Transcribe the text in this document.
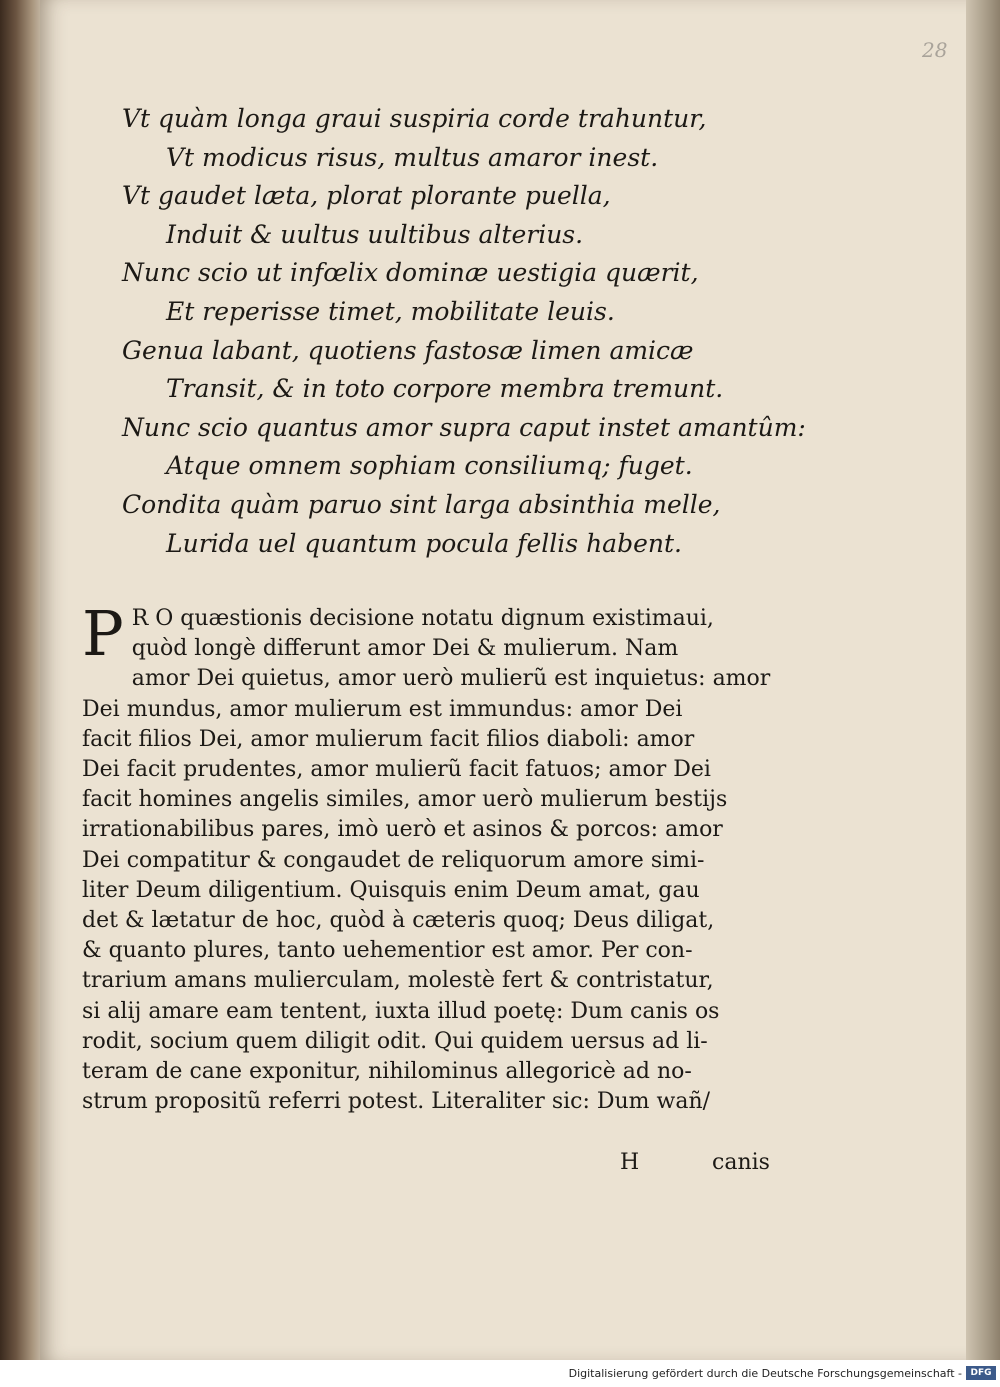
28
Vt quàm longa graui suspiria corde trahuntur,
Vt modicus risus, multus amaror inest.
Vt gaudet læta, plorat plorante puella,
Induit & uultus uultibus alterius.
Nunc scio ut infœlix dominæ uestigia quærit,
Et reperisse timet, mobilitate leuis.
Genua labant, quotiens fastosæ limen amicæ
Transit, & in toto corpore membra tremunt.
Nunc scio quantus amor supra caput instet amantûm:
Atque omnem sophiam consiliumq; fuget.
Condita quàm paruo sint larga absinthia melle,
Lurida uel quantum pocula fellis habent.
P R O quæstionis decisione notatu dignum existimaui,
quòd longè differunt amor Dei & mulierum. Nam
amor Dei quietus, amor uerò mulierũ est inquietus: amor
Dei mundus, amor mulierum est immundus: amor Dei
facit filios Dei, amor mulierum facit filios diaboli: amor
Dei facit prudentes, amor mulierũ facit fatuos; amor Dei
facit homines angelis similes, amor uerò mulierum bestijs
irrationabilibus pares, imò uerò et asinos & porcos: amor
Dei compatitur & congaudet de reliquorum amore simi-
liter Deum diligentium. Quisquis enim Deum amat, gau
det & lætatur de hoc, quòd à cæteris quoq; Deus diligat,
& quanto plures, tanto uehementior est amor. Per con-
trarium amans mulierculam, molestè fert & contristatur,
si alij amare eam tentent, iuxta illud poetę: Dum canis os
rodit, socium quem diligit odit. Qui quidem uersus ad li-
teram de cane exponitur, nihilominus allegoricè ad no-
strum propositũ referri potest. Literaliter sic: Dum wañ/
H	canis
Digitalisierung gefördert durch die Deutsche Forschungsgemeinschaft - DFG
